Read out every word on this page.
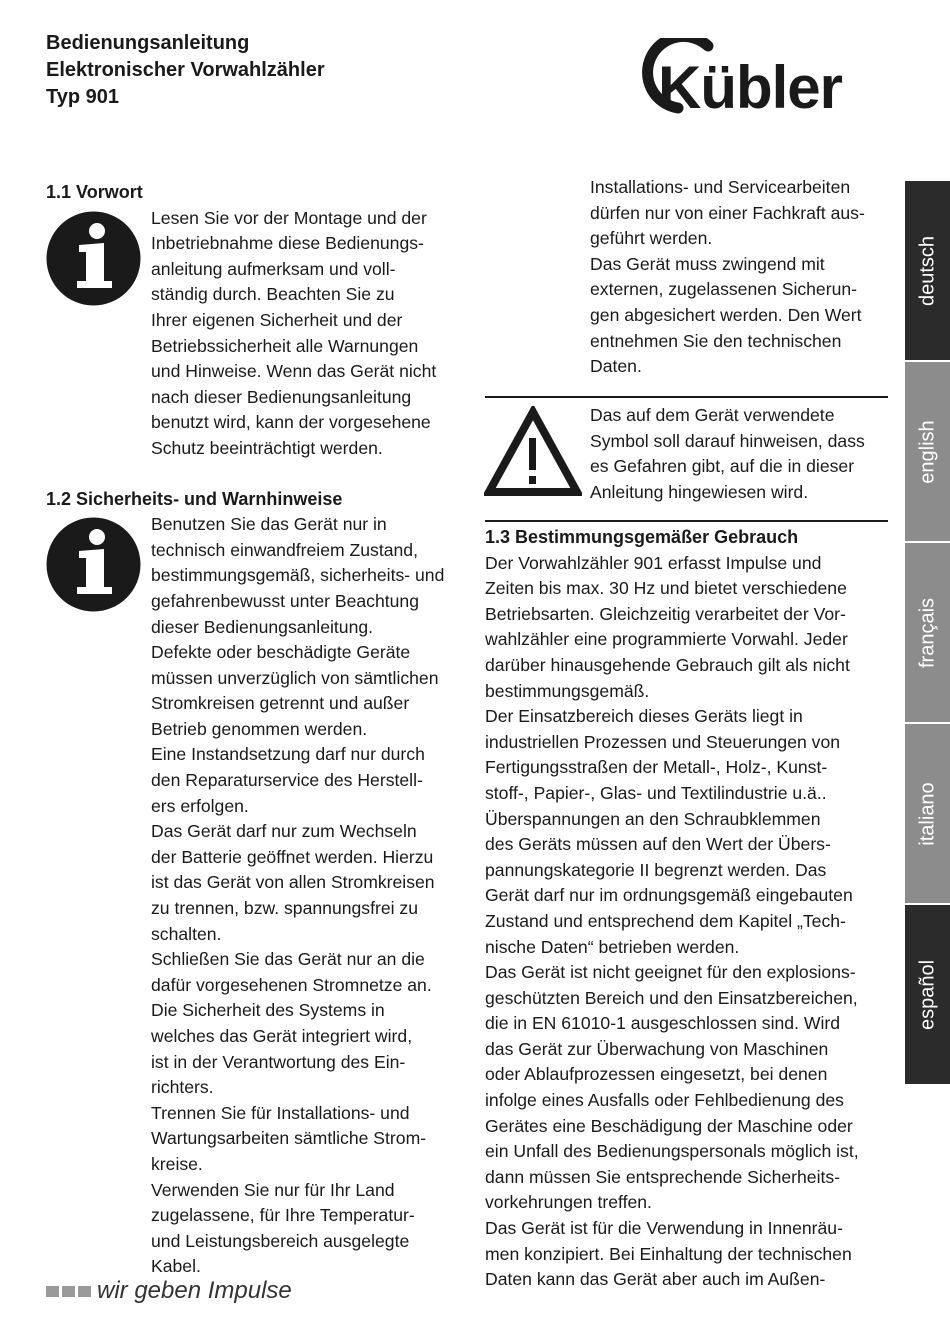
Bedienungsanleitung
Elektronischer Vorwahlzähler
Typ 901	Kübler
1.1 Vorwort
Lesen Sie vor der Montage und der
Inbetriebnahme diese Bedienungs-
anleitung aufmerksam und voll-
ständig durch. Beachten Sie zu
Ihrer eigenen Sicherheit und der
Betriebssicherheit alle Warnungen
und Hinweise. Wenn das Gerät nicht
nach dieser Bedienungsanleitung
benutzt wird, kann der vorgesehene
Schutz beeinträchtigt werden.
1.2 Sicherheits- und Warnhinweise
Benutzen Sie das Gerät nur in
technisch einwandfreiem Zustand,
bestimmungsgemäß, sicherheits- und
gefahrenbewusst unter Beachtung
dieser Bedienungsanleitung.
Defekte oder beschädigte Geräte
müssen unverzüglich von sämtlichen
Stromkreisen getrennt und außer
Betrieb genommen werden.
Eine Instandsetzung darf nur durch
den Reparaturservice des Herstell-
ers erfolgen.
Das Gerät darf nur zum Wechseln
der Batterie geöffnet werden. Hierzu
ist das Gerät von allen Stromkreisen
zu trennen, bzw. spannungsfrei zu
schalten.
Schließen Sie das Gerät nur an die
dafür vorgesehenen Stromnetze an.
Die Sicherheit des Systems in
welches das Gerät integriert wird,
ist in der Verantwortung des Ein-
richters.
Trennen Sie für Installations- und
Wartungsarbeiten sämtliche Strom-
kreise.
Verwenden Sie nur für Ihr Land
zugelassene, für Ihre Temperatur-
und Leistungsbereich ausgelegte
Kabel.
Installations- und Servicearbeiten
dürfen nur von einer Fachkraft aus-
geführt werden.
Das Gerät muss zwingend mit
externen, zugelassenen Sicherun-
gen abgesichert werden. Den Wert
entnehmen Sie den technischen
Daten.
Das auf dem Gerät verwendete
Symbol soll darauf hinweisen, dass
es Gefahren gibt, auf die in dieser
Anleitung hingewiesen wird.
1.3 Bestimmungsgemäßer Gebrauch
Der Vorwahlzähler 901 erfasst Impulse und
Zeiten bis max. 30 Hz und bietet verschiedene
Betriebsarten. Gleichzeitig verarbeitet der Vor-
wahlzähler eine programmierte Vorwahl. Jeder
darüber hinausgehende Gebrauch gilt als nicht
bestimmungsgemäß.
Der Einsatzbereich dieses Geräts liegt in
industriellen Prozessen und Steuerungen von
Fertigungsstraßen der Metall-, Holz-, Kunst-
stoff-, Papier-, Glas- und Textilindustrie u.ä..
Überspannungen an den Schraubklemmen
des Geräts müssen auf den Wert der Übers-
pannungskategorie II begrenzt werden. Das
Gerät darf nur im ordnungsgemäß eingebauten
Zustand und entsprechend dem Kapitel „Tech-
nische Daten“ betrieben werden.
Das Gerät ist nicht geeignet für den explosions-
geschützten Bereich und den Einsatzbereichen,
die in EN 61010-1 ausgeschlossen sind. Wird
das Gerät zur Überwachung von Maschinen
oder Ablaufprozessen eingesetzt, bei denen
infolge eines Ausfalls oder Fehlbedienung des
Gerätes eine Beschädigung der Maschine oder
ein Unfall des Bedienungspersonals möglich ist,
dann müssen Sie entsprechende Sicherheits-
vorkehrungen treffen.
Das Gerät ist für die Verwendung in Innenräu-
men konzipiert. Bei Einhaltung der technischen
Daten kann das Gerät aber auch im Außen-
deutsch
english
français
italiano
español
wir geben Impulse
